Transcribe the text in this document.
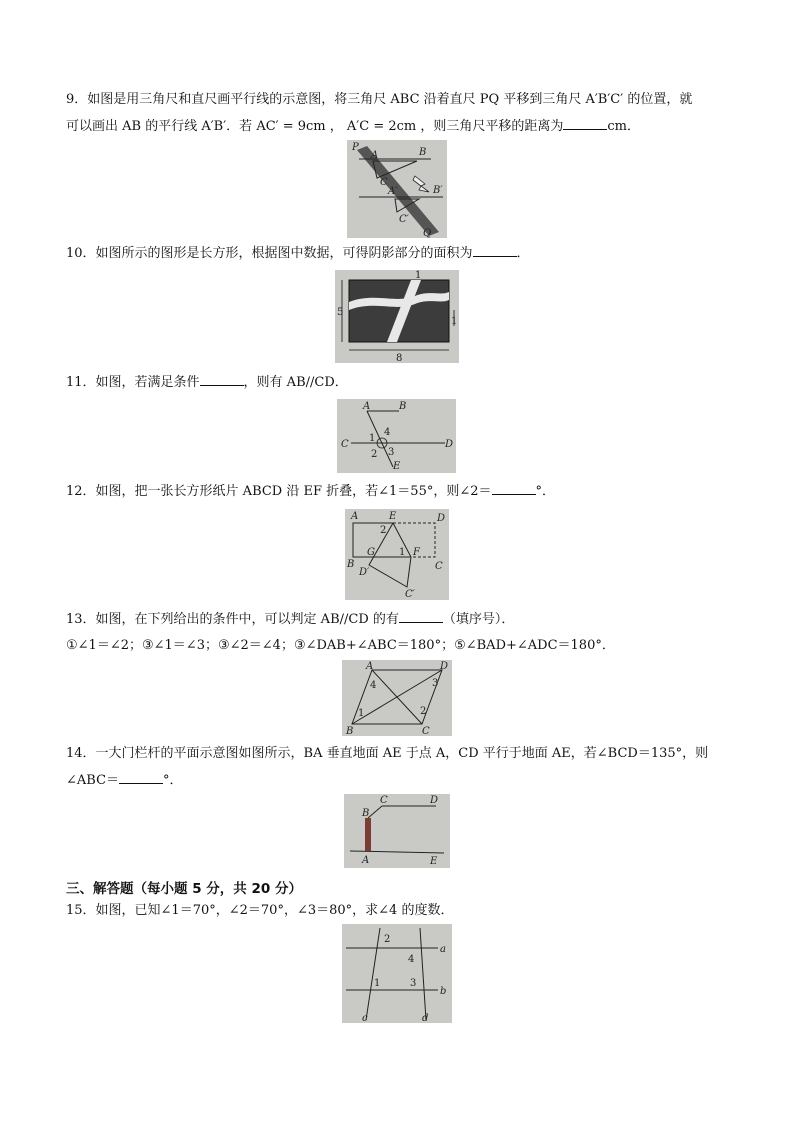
9．如图是用三角尺和直尺画平行线的示意图，将三角尺 ABC 沿着直尺 PQ 平移到三角尺 A′B′C′ 的位置，就
可以画出 AB 的平行线 A′B′．若 AC′ = 9cm ， A′C = 2cm ，则三角尺平移的距离为	cm．
P
A	B
C
A′	B′
C′
Q
10．如图所示的图形是长方形，根据图中数据，可得阴影部分的面积为	．
5
1
1
8
11．如图，若满足条件	，则有 AB//CD．
A	B
C	D
E
1
2 3
4
12．如图，把一张长方形纸片 ABCD 沿 EF 折叠，若∠1＝55°，则∠2＝	°．
A	E	D
2
G 1 F
B
D′
C
C′
13．如图，在下列给出的条件中，可以判定 AB//CD 的有	（填序号）．
①∠1＝∠2；③∠1＝∠3；③∠2＝∠4；③∠DAB+∠ABC＝180°；⑤∠BAD+∠ADC＝180°．
A	D
4	3
1	2
B	C
14．一大门栏杆的平面示意图如图所示，BA 垂直地面 AE 于点 A，CD 平行于地面 AE，若∠BCD＝135°，则
∠ABC＝	°．
C	D
B
A	E
三、解答题（每小题 5 分，共 20 分）
15．如图，已知∠1＝70°，∠2＝70°，∠3＝80°，求∠4 的度数．
2
a
4
1	3
b
c	d
